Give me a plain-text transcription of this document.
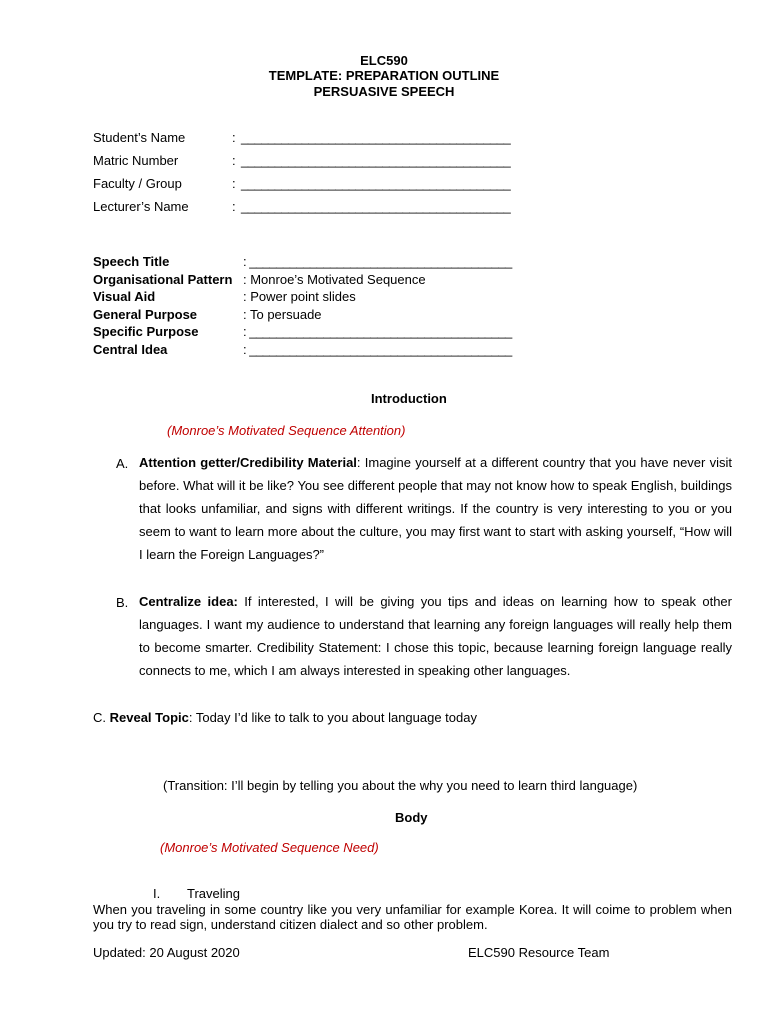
ELC590
TEMPLATE: PREPARATION OUTLINE
PERSUASIVE SPEECH
Student’s Name	: ________________________________________
Matric Number	: ________________________________________
Faculty / Group	: ________________________________________
Lecturer’s Name	: ________________________________________
Speech Title	: _______________________________________
Organisational Pattern : Monroe’s Motivated Sequence
Visual Aid	: Power point slides
General Purpose	: To persuade
Specific Purpose	: _______________________________________
Central Idea	: _______________________________________
Introduction
(Monroe’s Motivated Sequence Attention)
A. Attention getter/Credibility Material: Imagine yourself at a different country that you have never visit before. What will it be like? You see different people that may not know how to speak English, buildings that looks unfamiliar, and signs with different writings. If the country is very interesting to you or you seem to want to learn more about the culture, you may first want to start with asking yourself, “How will I learn the Foreign Languages?”
B. Centralize idea: If interested, I will be giving you tips and ideas on learning how to speak other languages. I want my audience to understand that learning any foreign languages will really help them to become smarter. Credibility Statement: I chose this topic, because learning foreign language really connects to me, which I am always interested in speaking other languages.
C. Reveal Topic: Today I’d like to talk to you about language today
(Transition: I’ll begin by telling you about the why you need to learn third language)
Body
(Monroe’s Motivated Sequence Need)
I. Traveling
When you traveling in some country like you very unfamiliar for example Korea. It will coime to problem when you try to read sign, understand citizen dialect and so other problem.
Updated: 20 August 2020	ELC590 Resource Team
